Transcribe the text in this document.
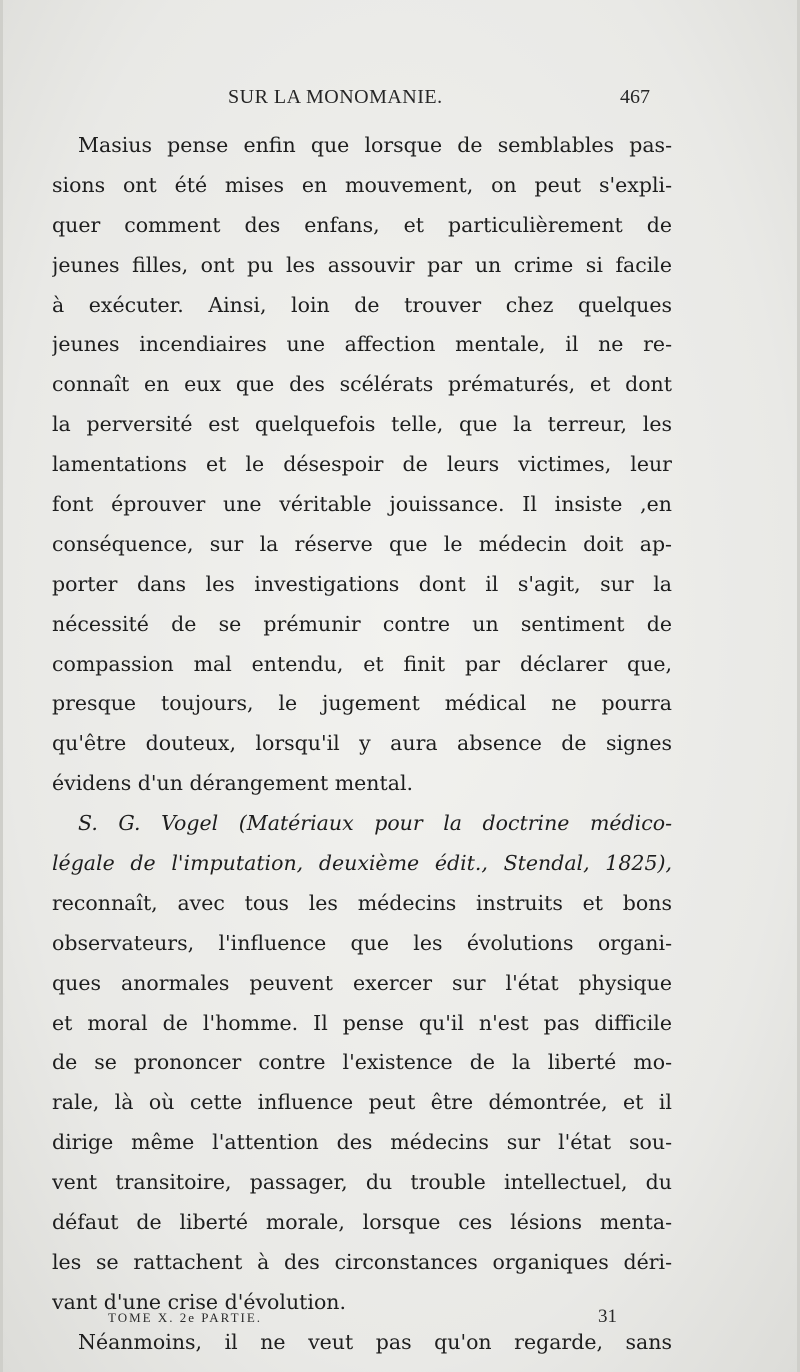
SUR LA MONOMANIE.	467
Masius pense enfin que lorsque de semblables pas-
sions ont été mises en mouvement, on peut s'expli-
quer comment des enfans, et particulièrement de
jeunes filles, ont pu les assouvir par un crime si facile
à exécuter. Ainsi, loin de trouver chez quelques
jeunes incendiaires une affection mentale, il ne re-
connaît en eux que des scélérats prématurés, et dont
la perversité est quelquefois telle, que la terreur, les
lamentations et le désespoir de leurs victimes, leur
font éprouver une véritable jouissance. Il insiste ,en
conséquence, sur la réserve que le médecin doit ap-
porter dans les investigations dont il s'agit, sur la
nécessité de se prémunir contre un sentiment de
compassion mal entendu, et finit par déclarer que,
presque toujours, le jugement médical ne pourra
qu'être douteux, lorsqu'il y aura absence de signes
évidens d'un dérangement mental.
S. G. Vogel (Matériaux pour la doctrine médico-
légale de l'imputation, deuxième édit., Stendal, 1825),
reconnaît, avec tous les médecins instruits et bons
observateurs, l'influence que les évolutions organi-
ques anormales peuvent exercer sur l'état physique
et moral de l'homme. Il pense qu'il n'est pas difficile
de se prononcer contre l'existence de la liberté mo-
rale, là où cette influence peut être démontrée, et il
dirige même l'attention des médecins sur l'état sou-
vent transitoire, passager, du trouble intellectuel, du
défaut de liberté morale, lorsque ces lésions menta-
les se rattachent à des circonstances organiques déri-
vant d'une crise d'évolution.
Néanmoins, il ne veut pas qu'on regarde, sans
TOME X. 2e PARTIE.	31
